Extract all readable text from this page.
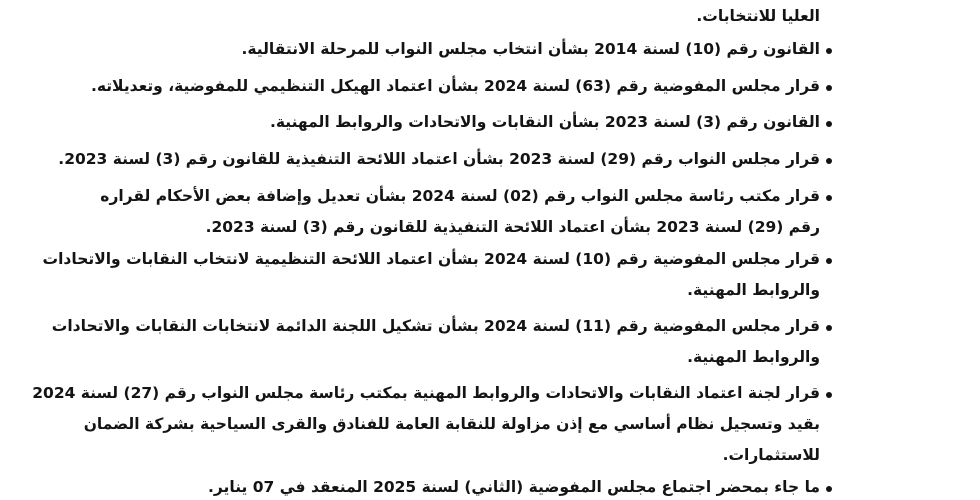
العليا للانتخابات.

القانون رقم (10) لسنة 2014 بشأن انتخاب مجلس النواب للمرحلة الانتقالية.

قرار مجلس المفوضية رقم (63) لسنة 2024 بشأن اعتماد الهيكل التنظيمي للمفوضية، وتعديلاته.

القانون رقم (3) لسنة 2023 بشأن النقابات والاتحادات والروابط المهنية.

قرار مجلس النواب رقم (29) لسنة 2023 بشأن اعتماد اللائحة التنفيذية للقانون رقم (3) لسنة 2023.

قرار مكتب رئاسة مجلس النواب رقم (02) لسنة 2024 بشأن تعديل وإضافة بعض الأحكام لقراره

رقم (29) لسنة 2023 بشأن اعتماد اللائحة التنفيذية للقانون رقم (3) لسنة 2023.

قرار مجلس المفوضية رقم (10) لسنة 2024 بشأن اعتماد اللائحة التنظيمية لانتخاب النقابات والاتحادات

والروابط المهنية.

قرار مجلس المفوضية رقم (11) لسنة 2024 بشأن تشكيل اللجنة الدائمة لانتخابات النقابات والاتحادات

والروابط المهنية.

قرار لجنة اعتماد النقابات والاتحادات والروابط المهنية بمكتب رئاسة مجلس النواب رقم (27) لسنة 2024

بقيد وتسجيل نظام أساسي مع إذن مزاولة للنقابة العامة للفنادق والقرى السياحية بشركة الضمان

للاستثمارات.

ما جاء بمحضر اجتماع مجلس المفوضية (الثاني) لسنة 2025 المنعقد في 07 يناير.
